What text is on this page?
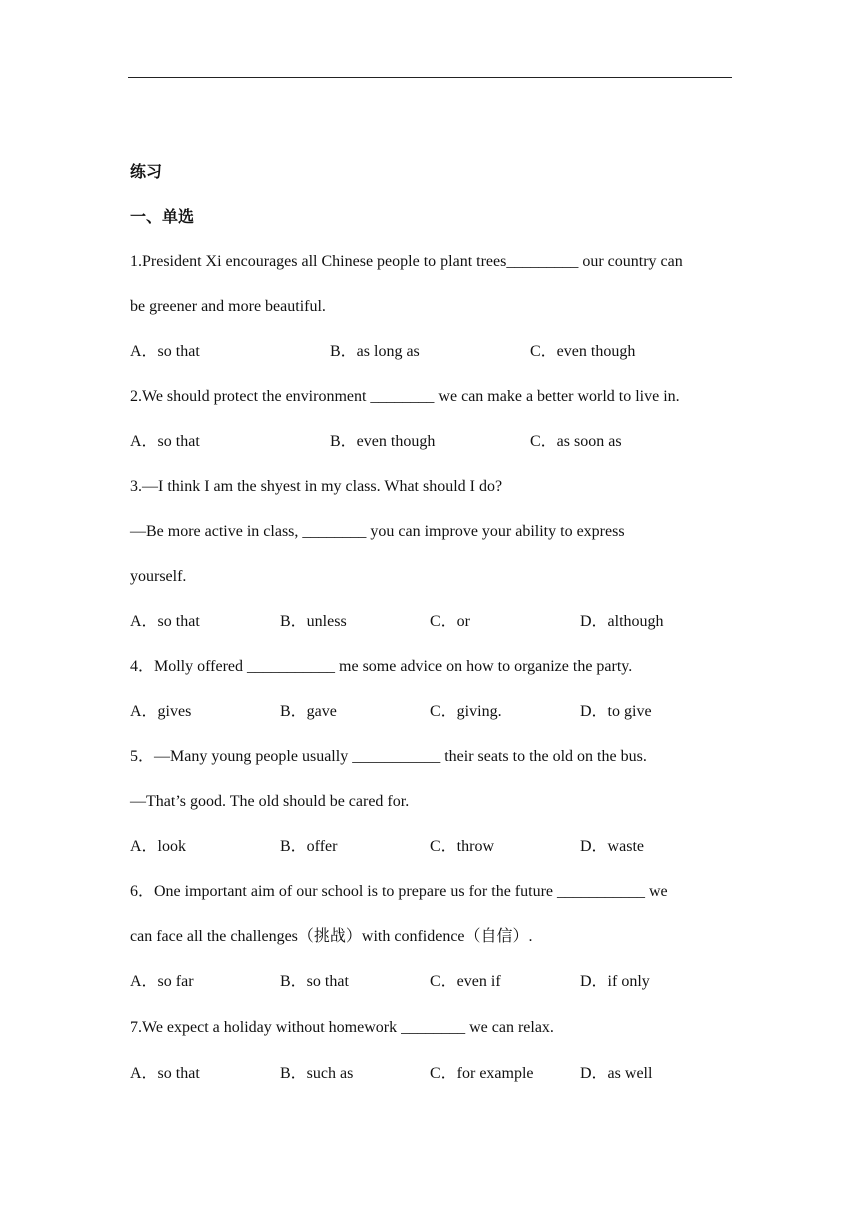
练习
一、单选
1.President Xi encourages all Chinese people to plant trees_________ our country can
be greener and more beautiful.
A．so that	B．as long as	C．even though
2.We should protect the environment ________ we can make a better world to live in.
A．so that	B．even though	C．as soon as
3.—I think I am the shyest in my class. What should I do?
—Be more active in class, ________ you can improve your ability to express
yourself.
A．so that	B．unless	C．or	D．although
4．Molly offered ___________ me some advice on how to organize the party.
A．gives	B．gave	C．giving.	D．to give
5．—Many young people usually ___________ their seats to the old on the bus.
—That’s good. The old should be cared for.
A．look	B．offer	C．throw	D．waste
6．One important aim of our school is to prepare us for the future ___________ we
can face all the challenges（挑战）with confidence（自信）.
A．so far	B．so that	C．even if	D．if only
7.We expect a holiday without homework ________ we can relax.
A．so that	B．such as	C．for example	D．as well
